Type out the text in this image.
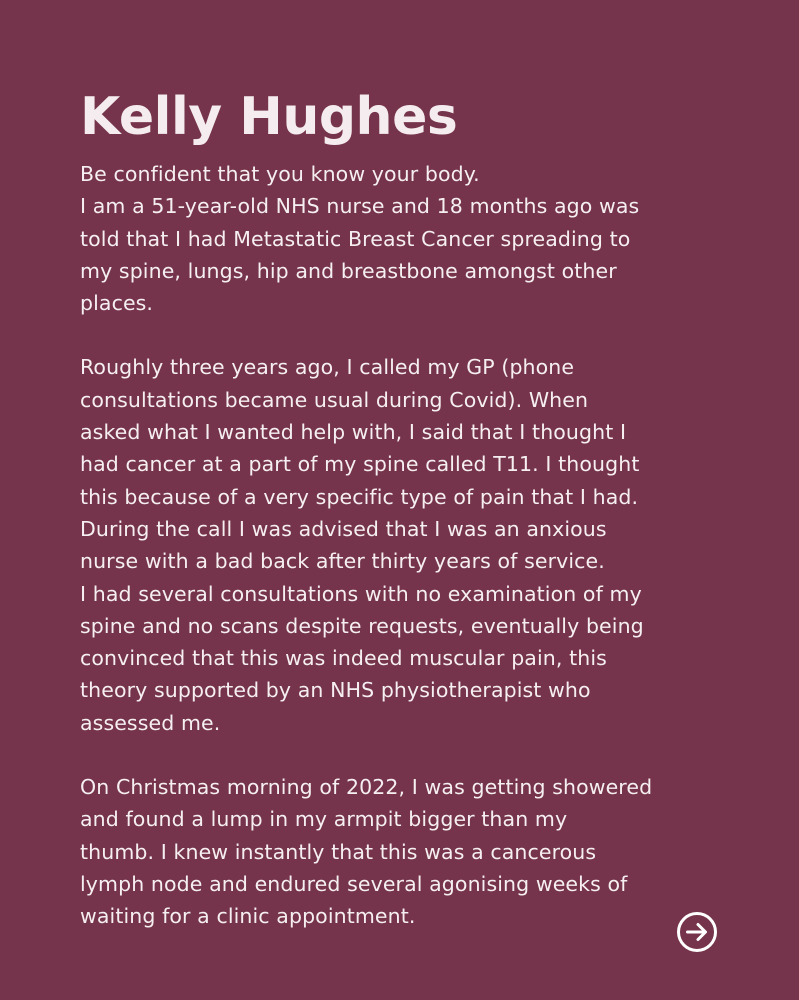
Kelly Hughes

Be confident that you know your body.
I am a 51-year-old NHS nurse and 18 months ago was
told that I had Metastatic Breast Cancer spreading to
my spine, lungs, hip and breastbone amongst other
places.

Roughly three years ago, I called my GP (phone
consultations became usual during Covid). When
asked what I wanted help with, I said that I thought I
had cancer at a part of my spine called T11. I thought
this because of a very specific type of pain that I had.
During the call I was advised that I was an anxious
nurse with a bad back after thirty years of service.
I had several consultations with no examination of my
spine and no scans despite requests, eventually being
convinced that this was indeed muscular pain, this
theory supported by an NHS physiotherapist who
assessed me.

On Christmas morning of 2022, I was getting showered
and found a lump in my armpit bigger than my
thumb. I knew instantly that this was a cancerous
lymph node and endured several agonising weeks of
waiting for a clinic appointment.
